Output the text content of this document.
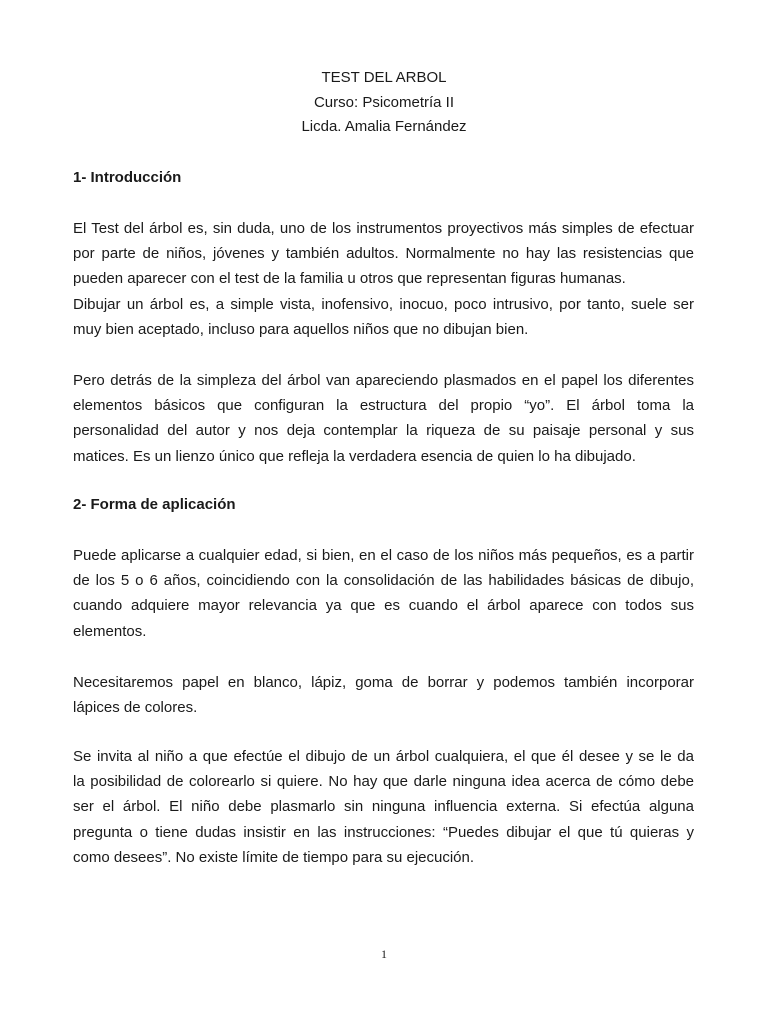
TEST DEL ARBOL
Curso: Psicometría II
Licda. Amalia Fernández
1- Introducción
El Test del árbol es, sin duda, uno de los instrumentos proyectivos más simples de efectuar
por parte de niños, jóvenes y también adultos. Normalmente no hay las resistencias que
pueden aparecer con el test de la familia u otros que representan figuras humanas.
Dibujar un árbol es, a simple vista, inofensivo, inocuo, poco intrusivo, por tanto, suele ser
muy bien aceptado, incluso para aquellos niños que no dibujan bien.
Pero detrás de la simpleza del árbol van apareciendo plasmados en el papel los diferentes
elementos básicos que configuran la estructura del propio “yo”. El árbol toma la
personalidad del autor y nos deja contemplar la riqueza de su paisaje personal y sus
matices. Es un lienzo único que refleja la verdadera esencia de quien lo ha dibujado.
2- Forma de aplicación
Puede aplicarse a cualquier edad, si bien, en el caso de los niños más pequeños, es a partir
de los 5 o 6 años, coincidiendo con la consolidación de las habilidades básicas de dibujo,
cuando adquiere mayor relevancia ya que es cuando el árbol aparece con todos sus
elementos.
Necesitaremos papel en blanco, lápiz, goma de borrar y podemos también incorporar
lápices de colores.
Se invita al niño a que efectúe el dibujo de un árbol cualquiera, el que él desee y se le da
la posibilidad de colorearlo si quiere. No hay que darle ninguna idea acerca de cómo debe
ser el árbol. El niño debe plasmarlo sin ninguna influencia externa. Si efectúa alguna
pregunta o tiene dudas insistir en las instrucciones: “Puedes dibujar el que tú quieras y
como desees”. No existe límite de tiempo para su ejecución.
1
